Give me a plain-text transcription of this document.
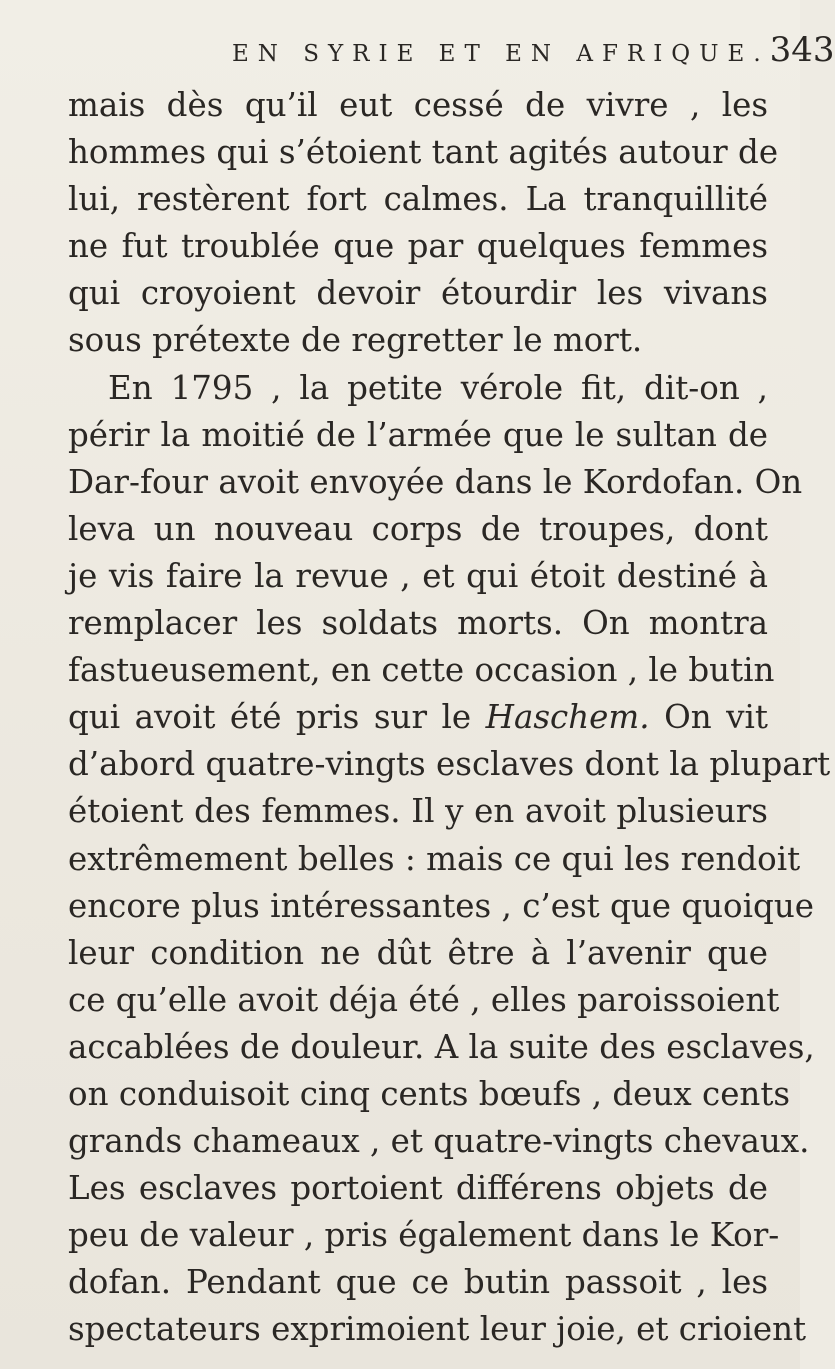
EN SYRIE ET EN AFRIQUE. 343
mais dès qu’il eut cessé de vivre , les
hommes qui s’étoient tant agités autour de
lui, restèrent fort calmes. La tranquillité
ne fut troublée que par quelques femmes
qui croyoient devoir étourdir les vivans
sous prétexte de regretter le mort.
En 1795 , la petite vérole fit, dit-on ,
périr la moitié de l’armée que le sultan de
Dar-four avoit envoyée dans le Kordofan. On
leva un nouveau corps de troupes, dont
je vis faire la revue , et qui étoit destiné à
remplacer les soldats morts. On montra
fastueusement, en cette occasion , le butin
qui avoit été pris sur le Haschem. On vit
d’abord quatre-vingts esclaves dont la plupart
étoient des femmes. Il y en avoit plusieurs
extrêmement belles : mais ce qui les rendoit
encore plus intéressantes , c’est que quoique
leur condition ne dût être à l’avenir que
ce qu’elle avoit déja été , elles paroissoient
accablées de douleur. A la suite des esclaves,
on conduisoit cinq cents bœufs , deux cents
grands chameaux , et quatre-vingts chevaux.
Les esclaves portoient différens objets de
peu de valeur , pris également dans le Kor-
dofan. Pendant que ce butin passoit , les
spectateurs exprimoient leur joie, et crioient
